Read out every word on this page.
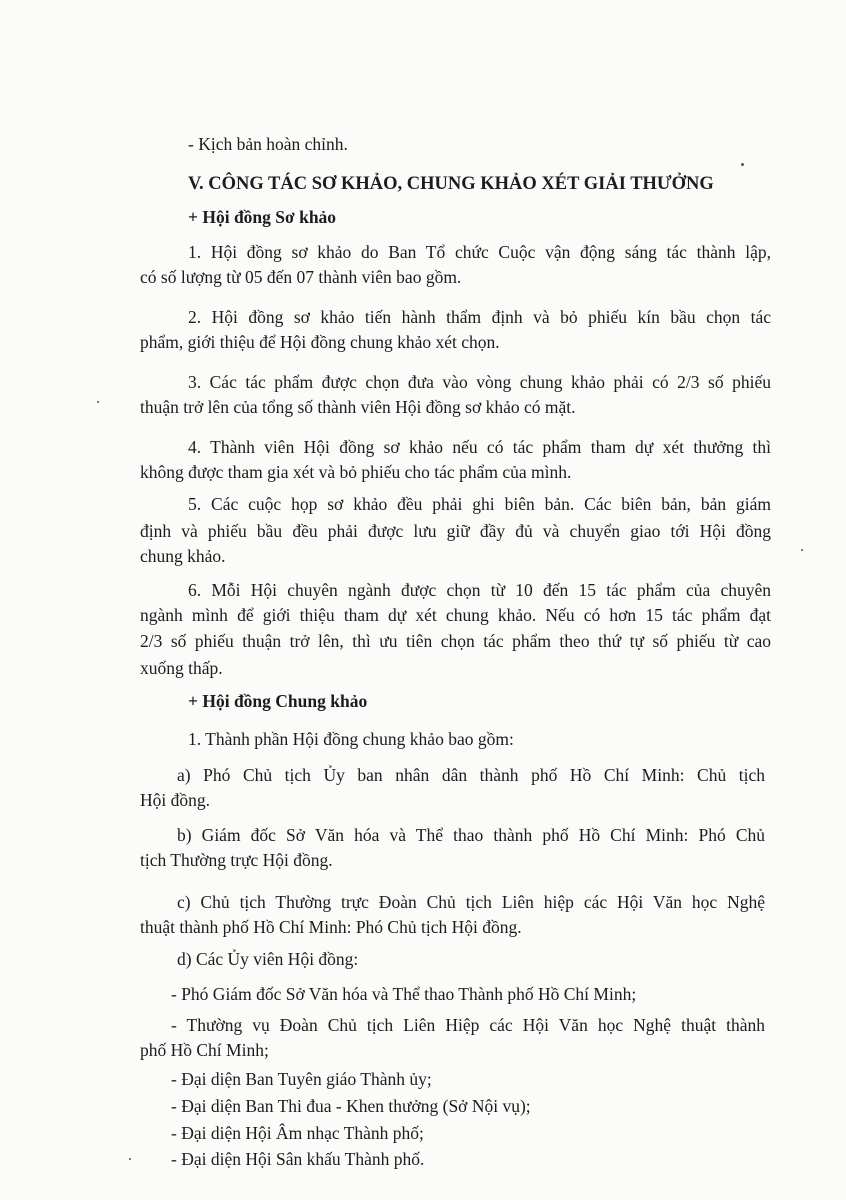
- Kịch bản hoàn chỉnh.

V. CÔNG TÁC SƠ KHẢO, CHUNG KHẢO XÉT GIẢI THƯỞNG

+ Hội đồng Sơ khảo

1. Hội đồng sơ khảo do Ban Tổ chức Cuộc vận động sáng tác thành lập,

có số lượng từ 05 đến 07 thành viên bao gồm.

2. Hội đồng sơ khảo tiến hành thẩm định và bỏ phiếu kín bầu chọn tác

phẩm, giới thiệu để Hội đồng chung khảo xét chọn.

3. Các tác phẩm được chọn đưa vào vòng chung khảo phải có 2/3 số phiếu

thuận trở lên của tổng số thành viên Hội đồng sơ khảo có mặt.

4. Thành viên Hội đồng sơ khảo nếu có tác phẩm tham dự xét thưởng thì

không được tham gia xét và bỏ phiếu cho tác phẩm của mình.

5. Các cuộc họp sơ khảo đều phải ghi biên bản. Các biên bản, bản giám

định và phiếu bầu đều phải được lưu giữ đầy đủ và chuyển giao tới Hội đồng

chung khảo.

6. Mỗi Hội chuyên ngành được chọn từ 10 đến 15 tác phẩm của chuyên

ngành mình để giới thiệu tham dự xét chung khảo. Nếu có hơn 15 tác phẩm đạt

2/3 số phiếu thuận trở lên, thì ưu tiên chọn tác phẩm theo thứ tự số phiếu từ cao

xuống thấp.

+ Hội đồng Chung khảo

1. Thành phần Hội đồng chung khảo bao gồm:

a) Phó Chủ tịch Ủy ban nhân dân thành phố Hồ Chí Minh: Chủ tịch

Hội đồng.

b) Giám đốc Sở Văn hóa và Thể thao thành phố Hồ Chí Minh: Phó Chủ

tịch Thường trực Hội đồng.

c) Chủ tịch Thường trực Đoàn Chủ tịch Liên hiệp các Hội Văn học Nghệ

thuật thành phố Hồ Chí Minh: Phó Chủ tịch Hội đồng.

d) Các Ủy viên Hội đồng:

- Phó Giám đốc Sở Văn hóa và Thể thao Thành phố Hồ Chí Minh;

- Thường vụ Đoàn Chủ tịch Liên Hiệp các Hội Văn học Nghệ thuật thành

phố Hồ Chí Minh;

- Đại diện Ban Tuyên giáo Thành ủy;

- Đại diện Ban Thi đua - Khen thưởng (Sở Nội vụ);

- Đại diện Hội Âm nhạc Thành phố;

- Đại diện Hội Sân khấu Thành phố.
